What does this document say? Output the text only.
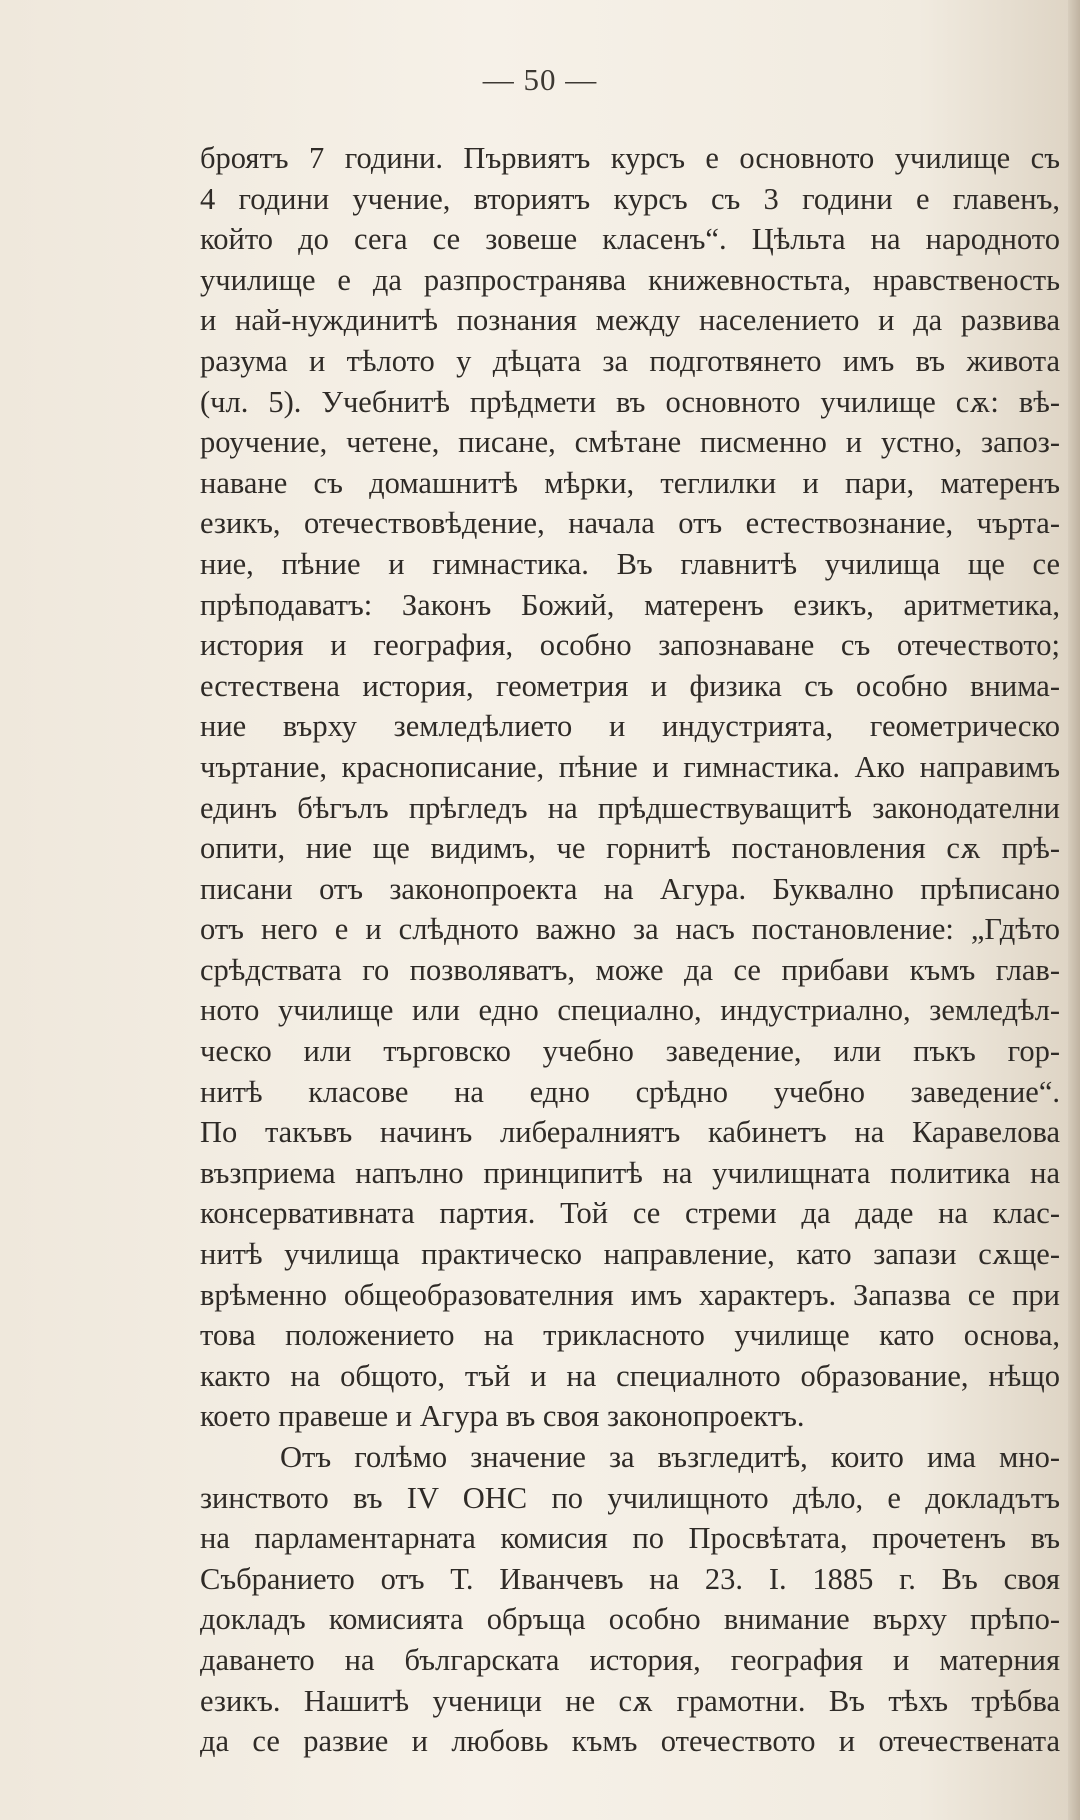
— 50 —
броятъ 7 години. Първиятъ курсъ е основното училище съ
4 години учение, вториятъ курсъ съ 3 години е главенъ,
който до сега се зовеше класенъ“. Цѣльта на народното
училище е да разпространява книжевностьта, нравственость
и най-нуждинитѣ познания между населението и да развива
разума и тѣлото у дѣцата за подготвянето имъ въ живота
(чл. 5). Учебнитѣ прѣдмети въ основното училище сѫ: вѣ-
роучение, четене, писане, смѣтане писменно и устно, запоз-
наване съ домашнитѣ мѣрки, теглилки и пари, матеренъ
езикъ, отечествовѣдение, начала отъ естествознание, чърта-
ние, пѣние и гимнастика. Въ главнитѣ училища ще се
прѣподаватъ: Законъ Божий, матеренъ езикъ, аритметика,
история и география, особно запознаване съ отечеството;
естествена история, геометрия и физика съ особно внима-
ние върху земледѣлието и индустрията, геометрическо
чъртание, краснописание, пѣние и гимнастика. Ако направимъ
единъ бѣгълъ прѣгледъ на прѣдшествуващитѣ законодателни
опити, ние ще видимъ, че горнитѣ постановления сѫ прѣ-
писани отъ законопроекта на Агура. Буквално прѣписано
отъ него е и слѣдното важно за насъ постановление: „Гдѣто
срѣдствата го позволяватъ, може да се прибави къмъ глав-
ното училище или едно специално, индустриално, земледѣл-
ческо или търговско учебно заведение, или пъкъ гор-
нитѣ класове на едно срѣдно учебно заведение“.
По такъвъ начинъ либералниятъ кабинетъ на Каравелова
възприема напълно принципитѣ на училищната политика на
консервативната партия. Той се стреми да даде на клас-
нитѣ училища практическо направление, като запази сѫще-
врѣменно общеобразователния имъ характеръ. Запазва се при
това положението на трикласното училище като основа,
както на общото, тъй и на специалното образование, нѣщо
което правеше и Агура въ своя законопроектъ.
Отъ голѣмо значение за възгледитѣ, които има мно-
зинството въ IV ОНС по училищното дѣло, е докладътъ
на парламентарната комисия по Просвѣтата, прочетенъ въ
Събранието отъ Т. Иванчевъ на 23. I. 1885 г. Въ своя
докладъ комисията обръща особно внимание върху прѣпо-
даването на българската история, география и матерния
езикъ. Нашитѣ ученици не сѫ грамотни. Въ тѣхъ трѣбва
да се развие и любовь къмъ отечеството и отечествената
